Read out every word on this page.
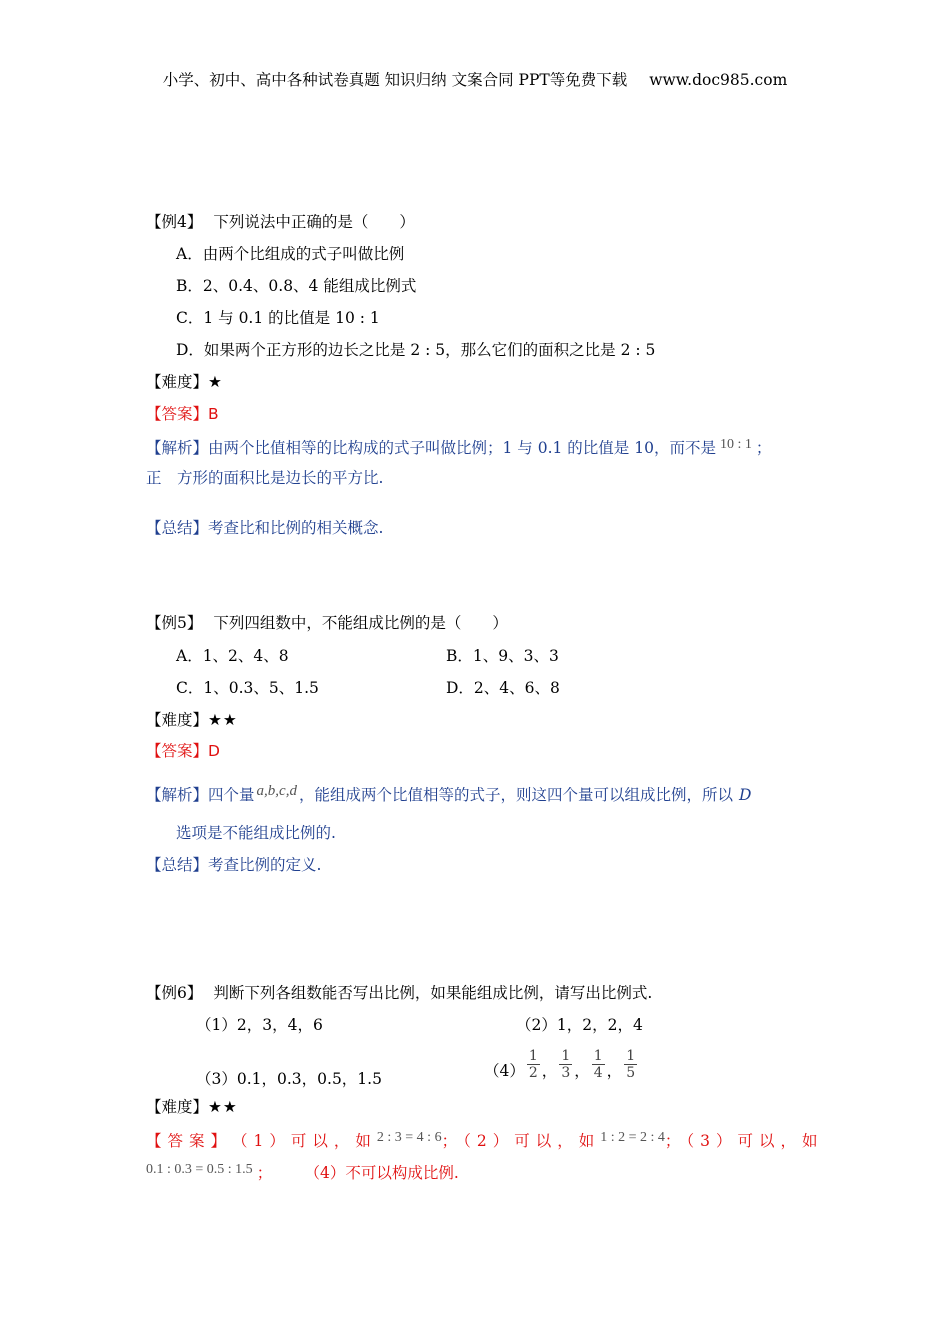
小学、初中、高中各种试卷真题 知识归纳 文案合同 PPT等免费下载 www.doc985.com
【例4】 下列说法中正确的是（　　）
A．由两个比组成的式子叫做比例
B．2、0.4、0.8、4 能组成比例式
C．1 与 0.1 的比值是 10 : 1
D．如果两个正方形的边长之比是 2 : 5，那么它们的面积之比是 2 : 5
【难度】★
【答案】B
【解析】由两个比值相等的比构成的式子叫做比例；1 与 0.1 的比值是 10，而不是 10 : 1 ；
正　方形的面积比是边长的平方比.
【总结】考查比和比例的相关概念.
【例5】 下列四组数中，不能组成比例的是（　　）
A．1、2、4、8	B．1、9、3、3
C．1、0.3、5、1.5	D．2、4、6、8
【难度】★★
【答案】D
【解析】四个量 a,b,c,d ，能组成两个比值相等的式子，则这四个量可以组成比例，所以 D
选项是不能组成比例的.
【总结】考查比例的定义.
【例6】 判断下列各组数能否写出比例，如果能组成比例，请写出比例式.
（1）2，3，4，6	（2）1，2，2，4
（3）0.1，0.3，0.5，1.5	$(4) \frac{1}{2}$ ， $\frac{1}{3}$ ， $\frac{1}{4}$ ， $\frac{1}{5}$
【难度】★★
【答案】 （1）可以，如 2 : 3 = 4 : 6 ；（2）可以，如 1 : 2 = 2 : 4 ；（3）可以，如
0.1 : 0.3 = 0.5 : 1.5 ；	（4）不可以构成比例.
